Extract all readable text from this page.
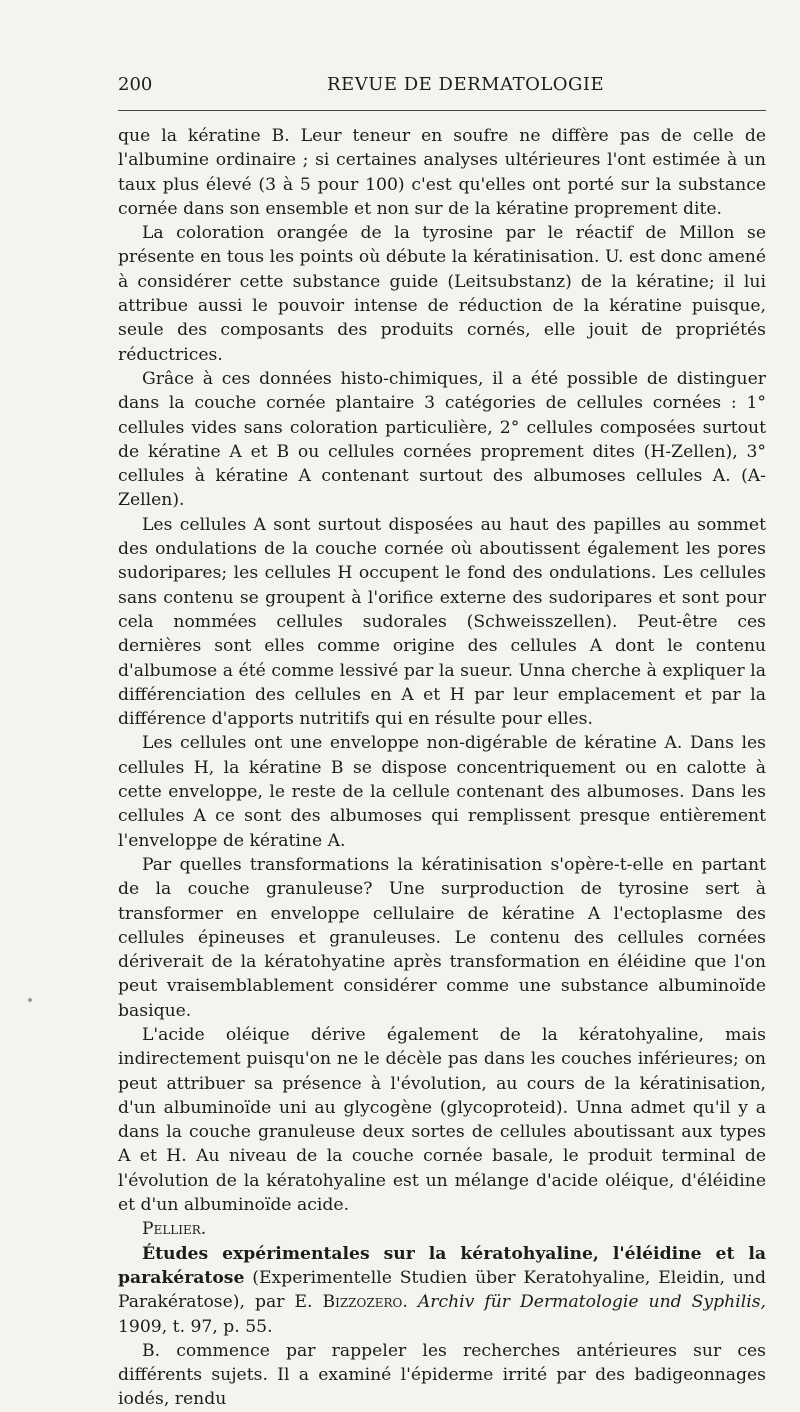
200	REVUE DE DERMATOLOGIE

que la kératine B. Leur teneur en soufre ne diffère pas de celle de l'albumine ordinaire ; si certaines analyses ultérieures l'ont estimée à un taux plus élevé (3 à 5 pour 100) c'est qu'elles ont porté sur la substance cornée dans son ensemble et non sur de la kératine proprement dite.

La coloration orangée de la tyrosine par le réactif de Millon se présente en tous les points où débute la kératinisation. U. est donc amené à considérer cette substance guide (Leitsubstanz) de la kératine; il lui attribue aussi le pouvoir intense de réduction de la kératine puisque, seule des composants des produits cornés, elle jouit de propriétés réductrices.

Grâce à ces données histo-chimiques, il a été possible de distinguer dans la couche cornée plantaire 3 catégories de cellules cornées : 1° cellules vides sans coloration particulière, 2° cellules composées surtout de kératine A et B ou cellules cornées proprement dites (H-Zellen), 3° cellules à kératine A contenant surtout des albumoses cellules A. (A-Zellen).

Les cellules A sont surtout disposées au haut des papilles au sommet des ondulations de la couche cornée où aboutissent également les pores sudoripares; les cellules H occupent le fond des ondulations. Les cellules sans contenu se groupent à l'orifice externe des sudoripares et sont pour cela nommées cellules sudorales (Schweisszellen). Peut-être ces dernières sont elles comme origine des cellules A dont le contenu d'albumose a été comme lessivé par la sueur. Unna cherche à expliquer la différenciation des cellules en A et H par leur emplacement et par la différence d'apports nutritifs qui en résulte pour elles.

Les cellules ont une enveloppe non-digérable de kératine A. Dans les cellules H, la kératine B se dispose concentriquement ou en calotte à cette enveloppe, le reste de la cellule contenant des albumoses. Dans les cellules A ce sont des albumoses qui remplissent presque entièrement l'enveloppe de kératine A.

Par quelles transformations la kératinisation s'opère-t-elle en partant de la couche granuleuse? Une surproduction de tyrosine sert à transformer en enveloppe cellulaire de kératine A l'ectoplasme des cellules épineuses et granuleuses. Le contenu des cellules cornées dériverait de la kératohyatine après transformation en éléidine que l'on peut vraisemblablement considérer comme une substance albuminoïde basique.

L'acide oléique dérive également de la kératohyaline, mais indirectement puisqu'on ne le décèle pas dans les couches inférieures; on peut attribuer sa présence à l'évolution, au cours de la kératinisation, d'un albuminoïde uni au glycogène (glycoproteid). Unna admet qu'il y a dans la couche granuleuse deux sortes de cellules aboutissant aux types A et H. Au niveau de la couche cornée basale, le produit terminal de l'évolution de la kératohyaline est un mélange d'acide oléique, d'éléidine et d'un albuminoïde acide.

Pellier.

Études expérimentales sur la kératohyaline, l'éléidine et la parakératose (Experimentelle Studien über Keratohyaline, Eleidin, und Parakératose), par E. Bizzozero. Archiv für Dermatologie und Syphilis, 1909, t. 97, p. 55.

B. commence par rappeler les recherches antérieures sur ces différents sujets. Il a examiné l'épiderme irrité par des badigeonnages iodés, rendu
